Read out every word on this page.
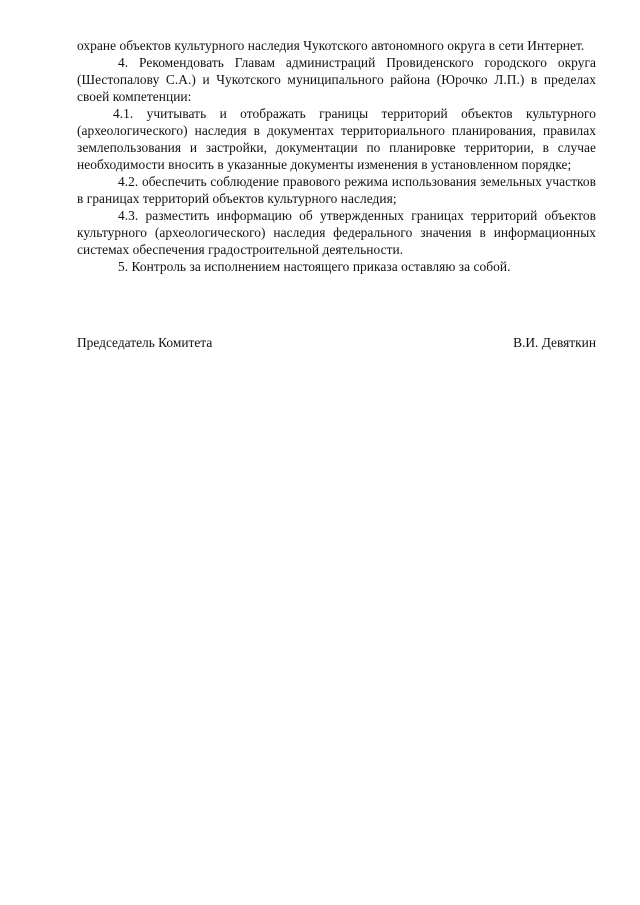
охране объектов культурного наследия Чукотского автономного округа в сети Интернет.

4. Рекомендовать Главам администраций Провиденского городского округа (Шестопалову С.А.) и Чукотского муниципального района (Юрочко Л.П.) в пределах своей компетенции:

4.1. учитывать и отображать границы территорий объектов культурного (археологического) наследия в документах территориального планирования, правилах землепользования и застройки, документации по планировке территории, в случае необходимости вносить в указанные документы изменения в установленном порядке;

4.2. обеспечить соблюдение правового режима использования земельных участков в границах территорий объектов культурного наследия;

4.3. разместить информацию об утвержденных границах территорий объектов культурного (археологического) наследия федерального значения в информационных системах обеспечения градостроительной деятельности.

5. Контроль за исполнением настоящего приказа оставляю за собой.

Председатель Комитета	В.И. Девяткин
